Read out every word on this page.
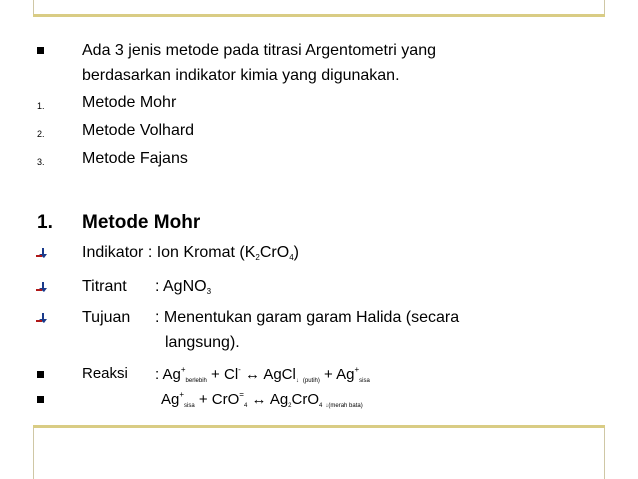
Ada 3 jenis metode pada titrasi Argentometri yang
berdasarkan indikator kimia yang digunakan.
1. Metode Mohr
2. Metode Volhard
3. Metode Fajans
1. Metode Mohr
Indikator : Ion Kromat $(K_2CrO_4)$
Titrant : AgNO$_3$
Tujuan : Menentukan garam garam Halida (secara
langsung).
Reaksi : $Ag^+_{berlebih} + Cl^-$ ↔ AgCl$_↓$ $_{(putih)} + Ag^+_{sisa}$
$Ag^+_{sisa} + CrO^=_4$ ↔ $Ag_2CrO_4$ $_{↓(merah bata)}$
